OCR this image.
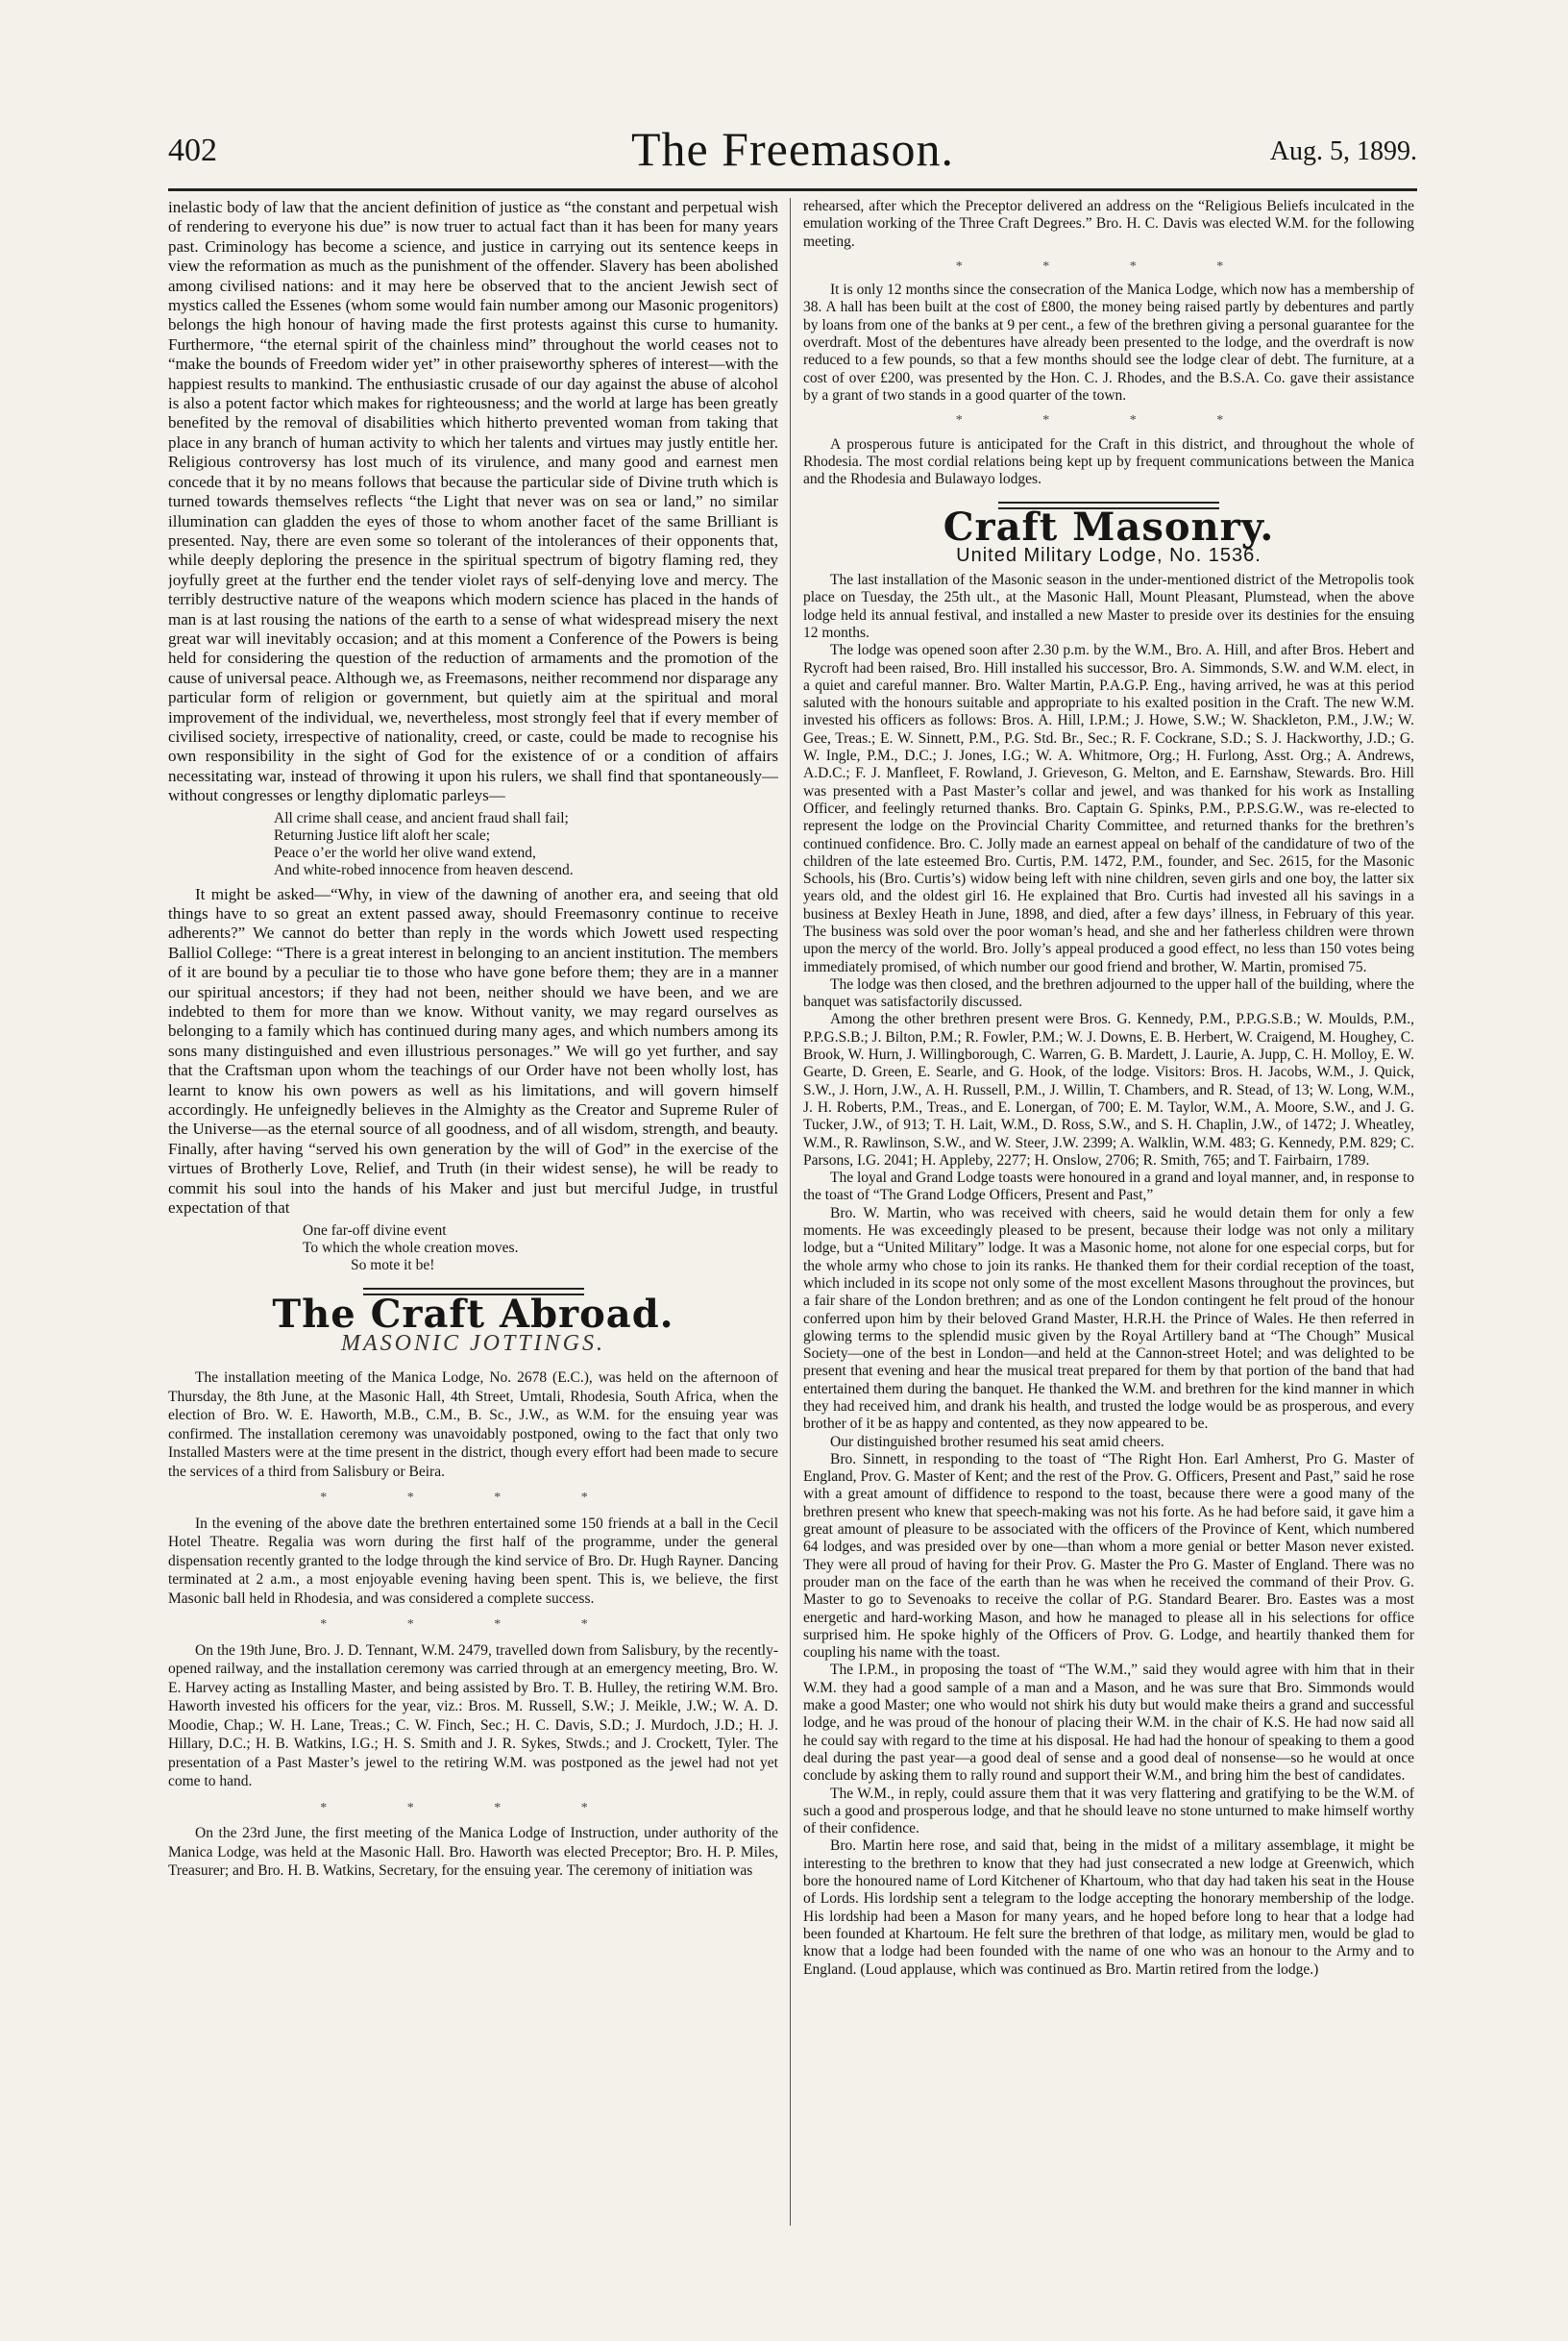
402	The Freemason.	Aug. 5, 1899.

inelastic body of law that the ancient definition of justice as “the constant and perpetual wish of rendering to everyone his due” is now truer to actual fact than it has been for many years past. Criminology has become a science, and justice in carrying out its sentence keeps in view the reformation as much as the punishment of the offender. Slavery has been abolished among civilised nations: and it may here be observed that to the ancient Jewish sect of mystics called the Essenes (whom some would fain number among our Masonic progenitors) belongs the high honour of having made the first protests against this curse to humanity. Furthermore, “the eternal spirit of the chainless mind” throughout the world ceases not to “make the bounds of Freedom wider yet” in other praiseworthy spheres of interest—with the happiest results to mankind. The enthusiastic crusade of our day against the abuse of alcohol is also a potent factor which makes for righteousness; and the world at large has been greatly benefited by the removal of disabilities which hitherto prevented woman from taking that place in any branch of human activity to which her talents and virtues may justly entitle her. Religious controversy has lost much of its virulence, and many good and earnest men concede that it by no means follows that because the particular side of Divine truth which is turned towards themselves reflects “the Light that never was on sea or land,” no similar illumination can gladden the eyes of those to whom another facet of the same Brilliant is presented. Nay, there are even some so tolerant of the intolerances of their opponents that, while deeply deploring the presence in the spiritual spectrum of bigotry flaming red, they joyfully greet at the further end the tender violet rays of self-denying love and mercy. The terribly destructive nature of the weapons which modern science has placed in the hands of man is at last rousing the nations of the earth to a sense of what widespread misery the next great war will inevitably occasion; and at this moment a Conference of the Powers is being held for considering the question of the reduction of armaments and the promotion of the cause of universal peace. Although we, as Freemasons, neither recommend nor disparage any particular form of religion or government, but quietly aim at the spiritual and moral improvement of the individual, we, nevertheless, most strongly feel that if every member of civilised society, irrespective of nationality, creed, or caste, could be made to recognise his own responsibility in the sight of God for the existence of or a condition of affairs necessitating war, instead of throwing it upon his rulers, we shall find that spontaneously—without congresses or lengthy diplomatic parleys—

All crime shall cease, and ancient fraud shall fail;
Returning Justice lift aloft her scale;
Peace o’er the world her olive wand extend,
And white-robed innocence from heaven descend.

It might be asked—“Why, in view of the dawning of another era, and seeing that old things have to so great an extent passed away, should Freemasonry continue to receive adherents?” We cannot do better than reply in the words which Jowett used respecting Balliol College: “There is a great interest in belonging to an ancient institution. The members of it are bound by a peculiar tie to those who have gone before them; they are in a manner our spiritual ancestors; if they had not been, neither should we have been, and we are indebted to them for more than we know. Without vanity, we may regard ourselves as belonging to a family which has continued during many ages, and which numbers among its sons many distinguished and even illustrious personages.” We will go yet further, and say that the Craftsman upon whom the teachings of our Order have not been wholly lost, has learnt to know his own powers as well as his limitations, and will govern himself accordingly. He unfeignedly believes in the Almighty as the Creator and Supreme Ruler of the Universe—as the eternal source of all goodness, and of all wisdom, strength, and beauty. Finally, after having “served his own generation by the will of God” in the exercise of the virtues of Brotherly Love, Relief, and Truth (in their widest sense), he will be ready to commit his soul into the hands of his Maker and just but merciful Judge, in trustful expectation of that

One far-off divine event
To which the whole creation moves.
So mote it be!
The Craft Abroad.
MASONIC JOTTINGS.

The installation meeting of the Manica Lodge, No. 2678 (E.C.), was held on the afternoon of Thursday, the 8th June, at the Masonic Hall, 4th Street, Umtali, Rhodesia, South Africa, when the election of Bro. W. E. Haworth, M.B., C.M., B. Sc., J.W., as W.M. for the ensuing year was confirmed. The installation ceremony was unavoidably postponed, owing to the fact that only two Installed Masters were at the time present in the district, though every effort had been made to secure the services of a third from Salisbury or Beira.

* * * *

In the evening of the above date the brethren entertained some 150 friends at a ball in the Cecil Hotel Theatre. Regalia was worn during the first half of the programme, under the general dispensation recently granted to the lodge through the kind service of Bro. Dr. Hugh Rayner. Dancing terminated at 2 a.m., a most enjoyable evening having been spent. This is, we believe, the first Masonic ball held in Rhodesia, and was considered a complete success.

* * * *

On the 19th June, Bro. J. D. Tennant, W.M. 2479, travelled down from Salisbury, by the recently-opened railway, and the installation ceremony was carried through at an emergency meeting, Bro. W. E. Harvey acting as Installing Master, and being assisted by Bro. T. B. Hulley, the retiring W.M. Bro. Haworth invested his officers for the year, viz.: Bros. M. Russell, S.W.; J. Meikle, J.W.; W. A. D. Moodie, Chap.; W. H. Lane, Treas.; C. W. Finch, Sec.; H. C. Davis, S.D.; J. Murdoch, J.D.; H. J. Hillary, D.C.; H. B. Watkins, I.G.; H. S. Smith and J. R. Sykes, Stwds.; and J. Crockett, Tyler. The presentation of a Past Master’s jewel to the retiring W.M. was postponed as the jewel had not yet come to hand.

* * * *

On the 23rd June, the first meeting of the Manica Lodge of Instruction, under authority of the Manica Lodge, was held at the Masonic Hall. Bro. Haworth was elected Preceptor; Bro. H. P. Miles, Treasurer; and Bro. H. B. Watkins, Secretary, for the ensuing year. The ceremony of initiation was

rehearsed, after which the Preceptor delivered an address on the “Religious Beliefs inculcated in the emulation working of the Three Craft Degrees.” Bro. H. C. Davis was elected W.M. for the following meeting.

* * * *

It is only 12 months since the consecration of the Manica Lodge, which now has a membership of 38. A hall has been built at the cost of £800, the money being raised partly by debentures and partly by loans from one of the banks at 9 per cent., a few of the brethren giving a personal guarantee for the overdraft. Most of the debentures have already been presented to the lodge, and the overdraft is now reduced to a few pounds, so that a few months should see the lodge clear of debt. The furniture, at a cost of over £200, was presented by the Hon. C. J. Rhodes, and the B.S.A. Co. gave their assistance by a grant of two stands in a good quarter of the town.

* * * *

A prosperous future is anticipated for the Craft in this district, and throughout the whole of Rhodesia. The most cordial relations being kept up by frequent communications between the Manica and the Rhodesia and Bulawayo lodges.

Craft Masonry.
United Military Lodge, No. 1536.

The last installation of the Masonic season in the under-mentioned district of the Metropolis took place on Tuesday, the 25th ult., at the Masonic Hall, Mount Pleasant, Plumstead, when the above lodge held its annual festival, and installed a new Master to preside over its destinies for the ensuing 12 months.

The lodge was opened soon after 2.30 p.m. by the W.M., Bro. A. Hill, and after Bros. Hebert and Rycroft had been raised, Bro. Hill installed his successor, Bro. A. Simmonds, S.W. and W.M. elect, in a quiet and careful manner. Bro. Walter Martin, P.A.G.P. Eng., having arrived, he was at this period saluted with the honours suitable and appropriate to his exalted position in the Craft. The new W.M. invested his officers as follows: Bros. A. Hill, I.P.M.; J. Howe, S.W.; W. Shackleton, P.M., J.W.; W. Gee, Treas.; E. W. Sinnett, P.M., P.G. Std. Br., Sec.; R. F. Cockrane, S.D.; S. J. Hackworthy, J.D.; G. W. Ingle, P.M., D.C.; J. Jones, I.G.; W. A. Whitmore, Org.; H. Furlong, Asst. Org.; A. Andrews, A.D.C.; F. J. Manfleet, F. Rowland, J. Grieveson, G. Melton, and E. Earnshaw, Stewards. Bro. Hill was presented with a Past Master’s collar and jewel, and was thanked for his work as Installing Officer, and feelingly returned thanks. Bro. Captain G. Spinks, P.M., P.P.S.G.W., was re-elected to represent the lodge on the Provincial Charity Committee, and returned thanks for the brethren’s continued confidence. Bro. C. Jolly made an earnest appeal on behalf of the candidature of two of the children of the late esteemed Bro. Curtis, P.M. 1472, P.M., founder, and Sec. 2615, for the Masonic Schools, his (Bro. Curtis’s) widow being left with nine children, seven girls and one boy, the latter six years old, and the oldest girl 16. He explained that Bro. Curtis had invested all his savings in a business at Bexley Heath in June, 1898, and died, after a few days’ illness, in February of this year. The business was sold over the poor woman’s head, and she and her fatherless children were thrown upon the mercy of the world. Bro. Jolly’s appeal produced a good effect, no less than 150 votes being immediately promised, of which number our good friend and brother, W. Martin, promised 75.

The lodge was then closed, and the brethren adjourned to the upper hall of the building, where the banquet was satisfactorily discussed.

Among the other brethren present were Bros. G. Kennedy, P.M., P.P.G.S.B.; W. Moulds, P.M., P.P.G.S.B.; J. Bilton, P.M.; R. Fowler, P.M.; W. J. Downs, E. B. Herbert, W. Craigend, M. Houghey, C. Brook, W. Hurn, J. Willingborough, C. Warren, G. B. Mardett, J. Laurie, A. Jupp, C. H. Molloy, E. W. Gearte, D. Green, E. Searle, and G. Hook, of the lodge. Visitors: Bros. H. Jacobs, W.M., J. Quick, S.W., J. Horn, J.W., A. H. Russell, P.M., J. Willin, T. Chambers, and R. Stead, of 13; W. Long, W.M., J. H. Roberts, P.M., Treas., and E. Lonergan, of 700; E. M. Taylor, W.M., A. Moore, S.W., and J. G. Tucker, J.W., of 913; T. H. Lait, W.M., D. Ross, S.W., and S. H. Chaplin, J.W., of 1472; J. Wheatley, W.M., R. Rawlinson, S.W., and W. Steer, J.W. 2399; A. Walklin, W.M. 483; G. Kennedy, P.M. 829; C. Parsons, I.G. 2041; H. Appleby, 2277; H. Onslow, 2706; R. Smith, 765; and T. Fairbairn, 1789.

The loyal and Grand Lodge toasts were honoured in a grand and loyal manner, and, in response to the toast of “The Grand Lodge Officers, Present and Past,”

Bro. W. Martin, who was received with cheers, said he would detain them for only a few moments. He was exceedingly pleased to be present, because their lodge was not only a military lodge, but a “United Military” lodge. It was a Masonic home, not alone for one especial corps, but for the whole army who chose to join its ranks. He thanked them for their cordial reception of the toast, which included in its scope not only some of the most excellent Masons throughout the provinces, but a fair share of the London brethren; and as one of the London contingent he felt proud of the honour conferred upon him by their beloved Grand Master, H.R.H. the Prince of Wales. He then referred in glowing terms to the splendid music given by the Royal Artillery band at “The Chough” Musical Society—one of the best in London—and held at the Cannon-street Hotel; and was delighted to be present that evening and hear the musical treat prepared for them by that portion of the band that had entertained them during the banquet. He thanked the W.M. and brethren for the kind manner in which they had received him, and drank his health, and trusted the lodge would be as prosperous, and every brother of it be as happy and contented, as they now appeared to be.

Our distinguished brother resumed his seat amid cheers.

Bro. Sinnett, in responding to the toast of “The Right Hon. Earl Amherst, Pro G. Master of England, Prov. G. Master of Kent; and the rest of the Prov. G. Officers, Present and Past,” said he rose with a great amount of diffidence to respond to the toast, because there were a good many of the brethren present who knew that speech-making was not his forte. As he had before said, it gave him a great amount of pleasure to be associated with the officers of the Province of Kent, which numbered 64 lodges, and was presided over by one—than whom a more genial or better Mason never existed. They were all proud of having for their Prov. G. Master the Pro G. Master of England. There was no prouder man on the face of the earth than he was when he received the command of their Prov. G. Master to go to Sevenoaks to receive the collar of P.G. Standard Bearer. Bro. Eastes was a most energetic and hard-working Mason, and how he managed to please all in his selections for office surprised him. He spoke highly of the Officers of Prov. G. Lodge, and heartily thanked them for coupling his name with the toast.

The I.P.M., in proposing the toast of “The W.M.,” said they would agree with him that in their W.M. they had a good sample of a man and a Mason, and he was sure that Bro. Simmonds would make a good Master; one who would not shirk his duty but would make theirs a grand and successful lodge, and he was proud of the honour of placing their W.M. in the chair of K.S. He had now said all he could say with regard to the time at his disposal. He had had the honour of speaking to them a good deal during the past year—a good deal of sense and a good deal of nonsense—so he would at once conclude by asking them to rally round and support their W.M., and bring him the best of candidates.

The W.M., in reply, could assure them that it was very flattering and gratifying to be the W.M. of such a good and prosperous lodge, and that he should leave no stone unturned to make himself worthy of their confidence.

Bro. Martin here rose, and said that, being in the midst of a military assemblage, it might be interesting to the brethren to know that they had just consecrated a new lodge at Greenwich, which bore the honoured name of Lord Kitchener of Khartoum, who that day had taken his seat in the House of Lords. His lordship sent a telegram to the lodge accepting the honorary membership of the lodge. His lordship had been a Mason for many years, and he hoped before long to hear that a lodge had been founded at Khartoum. He felt sure the brethren of that lodge, as military men, would be glad to know that a lodge had been founded with the name of one who was an honour to the Army and to England. (Loud applause, which was continued as Bro. Martin retired from the lodge.)
